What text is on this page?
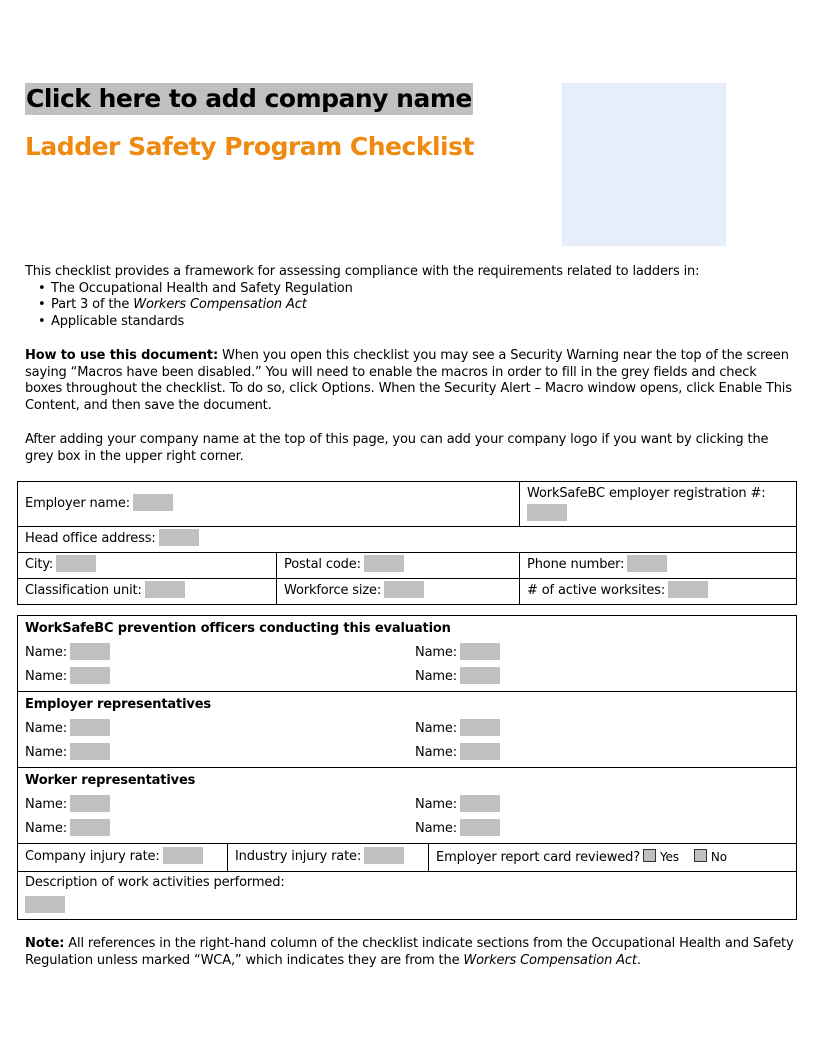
Click here to add company name
Ladder Safety Program Checklist
This checklist provides a framework for assessing compliance with the requirements related to ladders in:
• The Occupational Health and Safety Regulation
• Part 3 of the Workers Compensation Act
• Applicable standards
How to use this document: When you open this checklist you may see a Security Warning near the top of the screen saying “Macros have been disabled.” You will need to enable the macros in order to fill in the grey fields and check boxes throughout the checklist. To do so, click Options. When the Security Alert – Macro window opens, click Enable This Content, and then save the document.
After adding your company name at the top of this page, you can add your company logo if you want by clicking the grey box in the upper right corner.
Employer name:		WorkSafeBC employer registration #:

Head office address:		
City:	Postal code:	Phone number:
Classification unit:	Workforce size:	# of active worksites:
WorkSafeBC prevention officers conducting this evaluation
Name:	Name:
Name:	Name:

Employer representatives
Name:	Name:
Name:	Name:

Worker representatives
Name:	Name:
Name:	Name:

Company injury rate:	Industry injury rate:	Employer report card reviewed? Yes	No

Description of work activities performed:
Note: All references in the right-hand column of the checklist indicate sections from the Occupational Health and Safety Regulation unless marked “WCA,” which indicates they are from the Workers Compensation Act.
